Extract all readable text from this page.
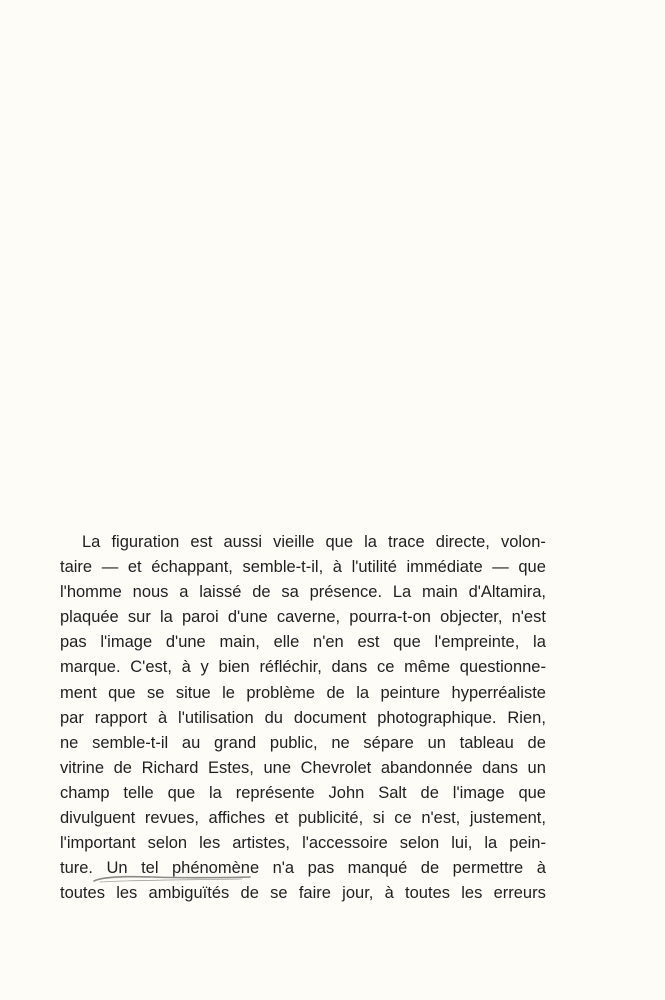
La figuration est aussi vieille que la trace directe, volon-
taire — et échappant, semble-t-il, à l'utilité immédiate — que
l'homme nous a laissé de sa présence. La main d'Altamira,
plaquée sur la paroi d'une caverne, pourra-t-on objecter, n'est
pas l'image d'une main, elle n'en est que l'empreinte, la
marque. C'est, à y bien réfléchir, dans ce même questionne-
ment que se situe le problème de la peinture hyperréaliste
par rapport à l'utilisation du document photographique. Rien,
ne semble-t-il au grand public, ne sépare un tableau de
vitrine de Richard Estes, une Chevrolet abandonnée dans un
champ telle que la représente John Salt de l'image que
divulguent revues, affiches et publicité, si ce n'est, justement,
l'important selon les artistes, l'accessoire selon lui, la pein-
ture. Un tel phénomène n'a pas manqué de permettre à
toutes les ambiguïtés de se faire jour, à toutes les erreurs
